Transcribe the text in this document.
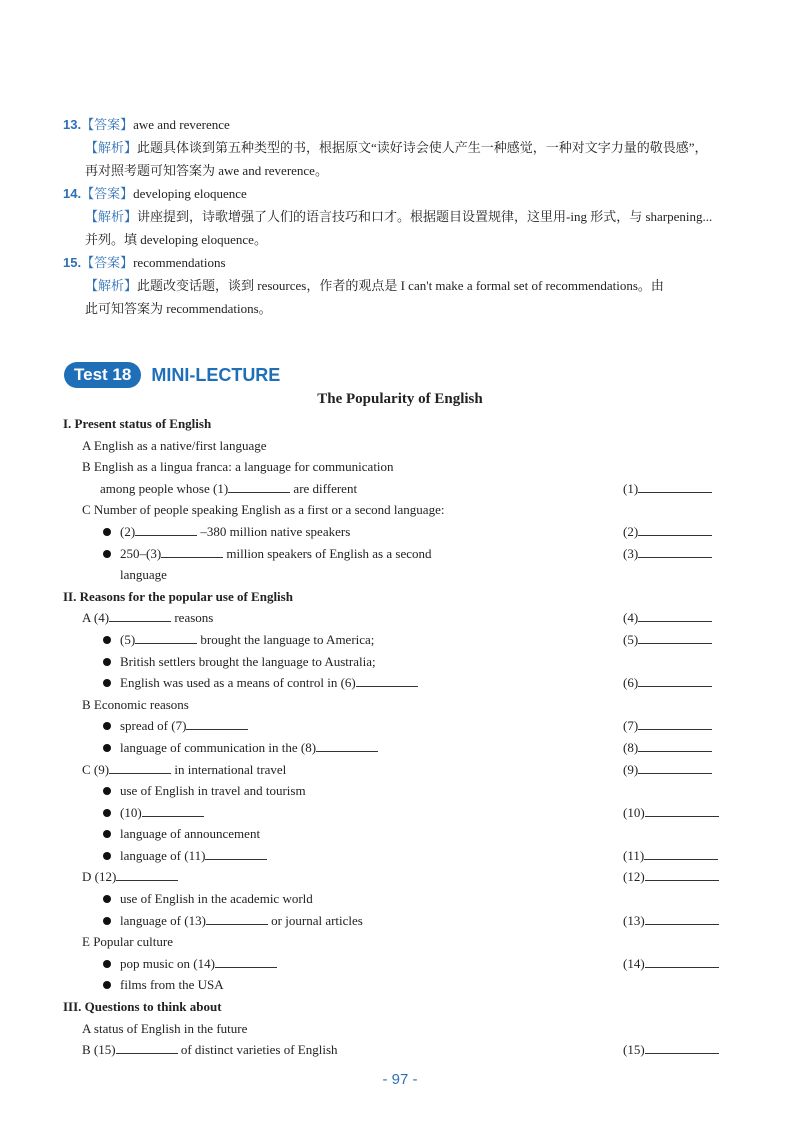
13.【答案】awe and reverence
【解析】此题具体谈到第五种类型的书，根据原文“读好诗会使人产生一种感觉，一种对文字力量的敬畏感”，
再对照考题可知答案为 awe and reverence。
14.【答案】developing eloquence
【解析】讲座提到，诗歌增强了人们的语言技巧和口才。根据题目设置规律，这里用-ing 形式，与 sharpening...
并列。填 developing eloquence。
15.【答案】recommendations
【解析】此题改变话题，谈到 resources，作者的观点是 I can't make a formal set of recommendations。由
此可知答案为 recommendations。
Test 18	MINI-LECTURE
The Popularity of English
I. Present status of English
A English as a native/first language
B English as a lingua franca: a language for communication
among people whose (1)	are different	(1)
C Number of people speaking English as a first or a second language:
(2)	–380 million native speakers	(2)
250–(3)	million speakers of English as a second	(3)
language
II. Reasons for the popular use of English
A (4)	reasons	(4)
(5)	brought the language to America;	(5)
British settlers brought the language to Australia;
English was used as a means of control in (6)	(6)
B Economic reasons
spread of (7)	(7)
language of communication in the (8)	(8)
C (9)	in international travel	(9)
use of English in travel and tourism
(10)	(10)
language of announcement
language of (11)	(11)
D (12)	(12)
use of English in the academic world
language of (13)	or journal articles	(13)
E Popular culture
pop music on (14)	(14)
films from the USA
III. Questions to think about
A status of English in the future
B (15)	of distinct varieties of English	(15)
- 97 -
